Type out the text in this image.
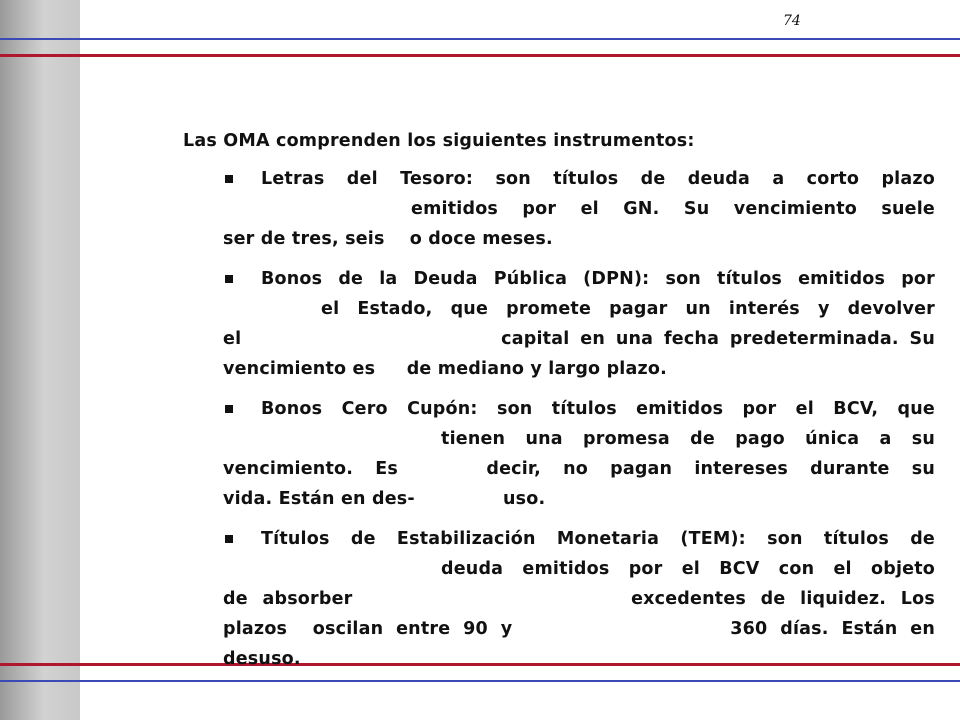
74
Las OMA comprenden los siguientes instrumentos:
Letras del Tesoro: son títulos de deuda a corto plazo
emitidos por el GN. Su vencimiento suele
ser de tres, seis    o doce meses.
Bonos de la Deuda Pública (DPN): son títulos emitidos por
el Estado, que promete pagar un interés y devolver
el                        capital en una fecha predeterminada. Su
vencimiento es     de mediano y largo plazo.
Bonos Cero Cupón: son títulos emitidos por el BCV, que
tienen una promesa de pago única a su
vencimiento. Es    decir, no pagan intereses durante su
vida. Están en des-              uso.
Títulos de Estabilización Monetaria (TEM): son títulos de
deuda emitidos por el BCV con el objeto
de absorber                   excedentes de liquidez. Los
plazos  oscilan entre 90 y                 360 días. Están en
desuso.
